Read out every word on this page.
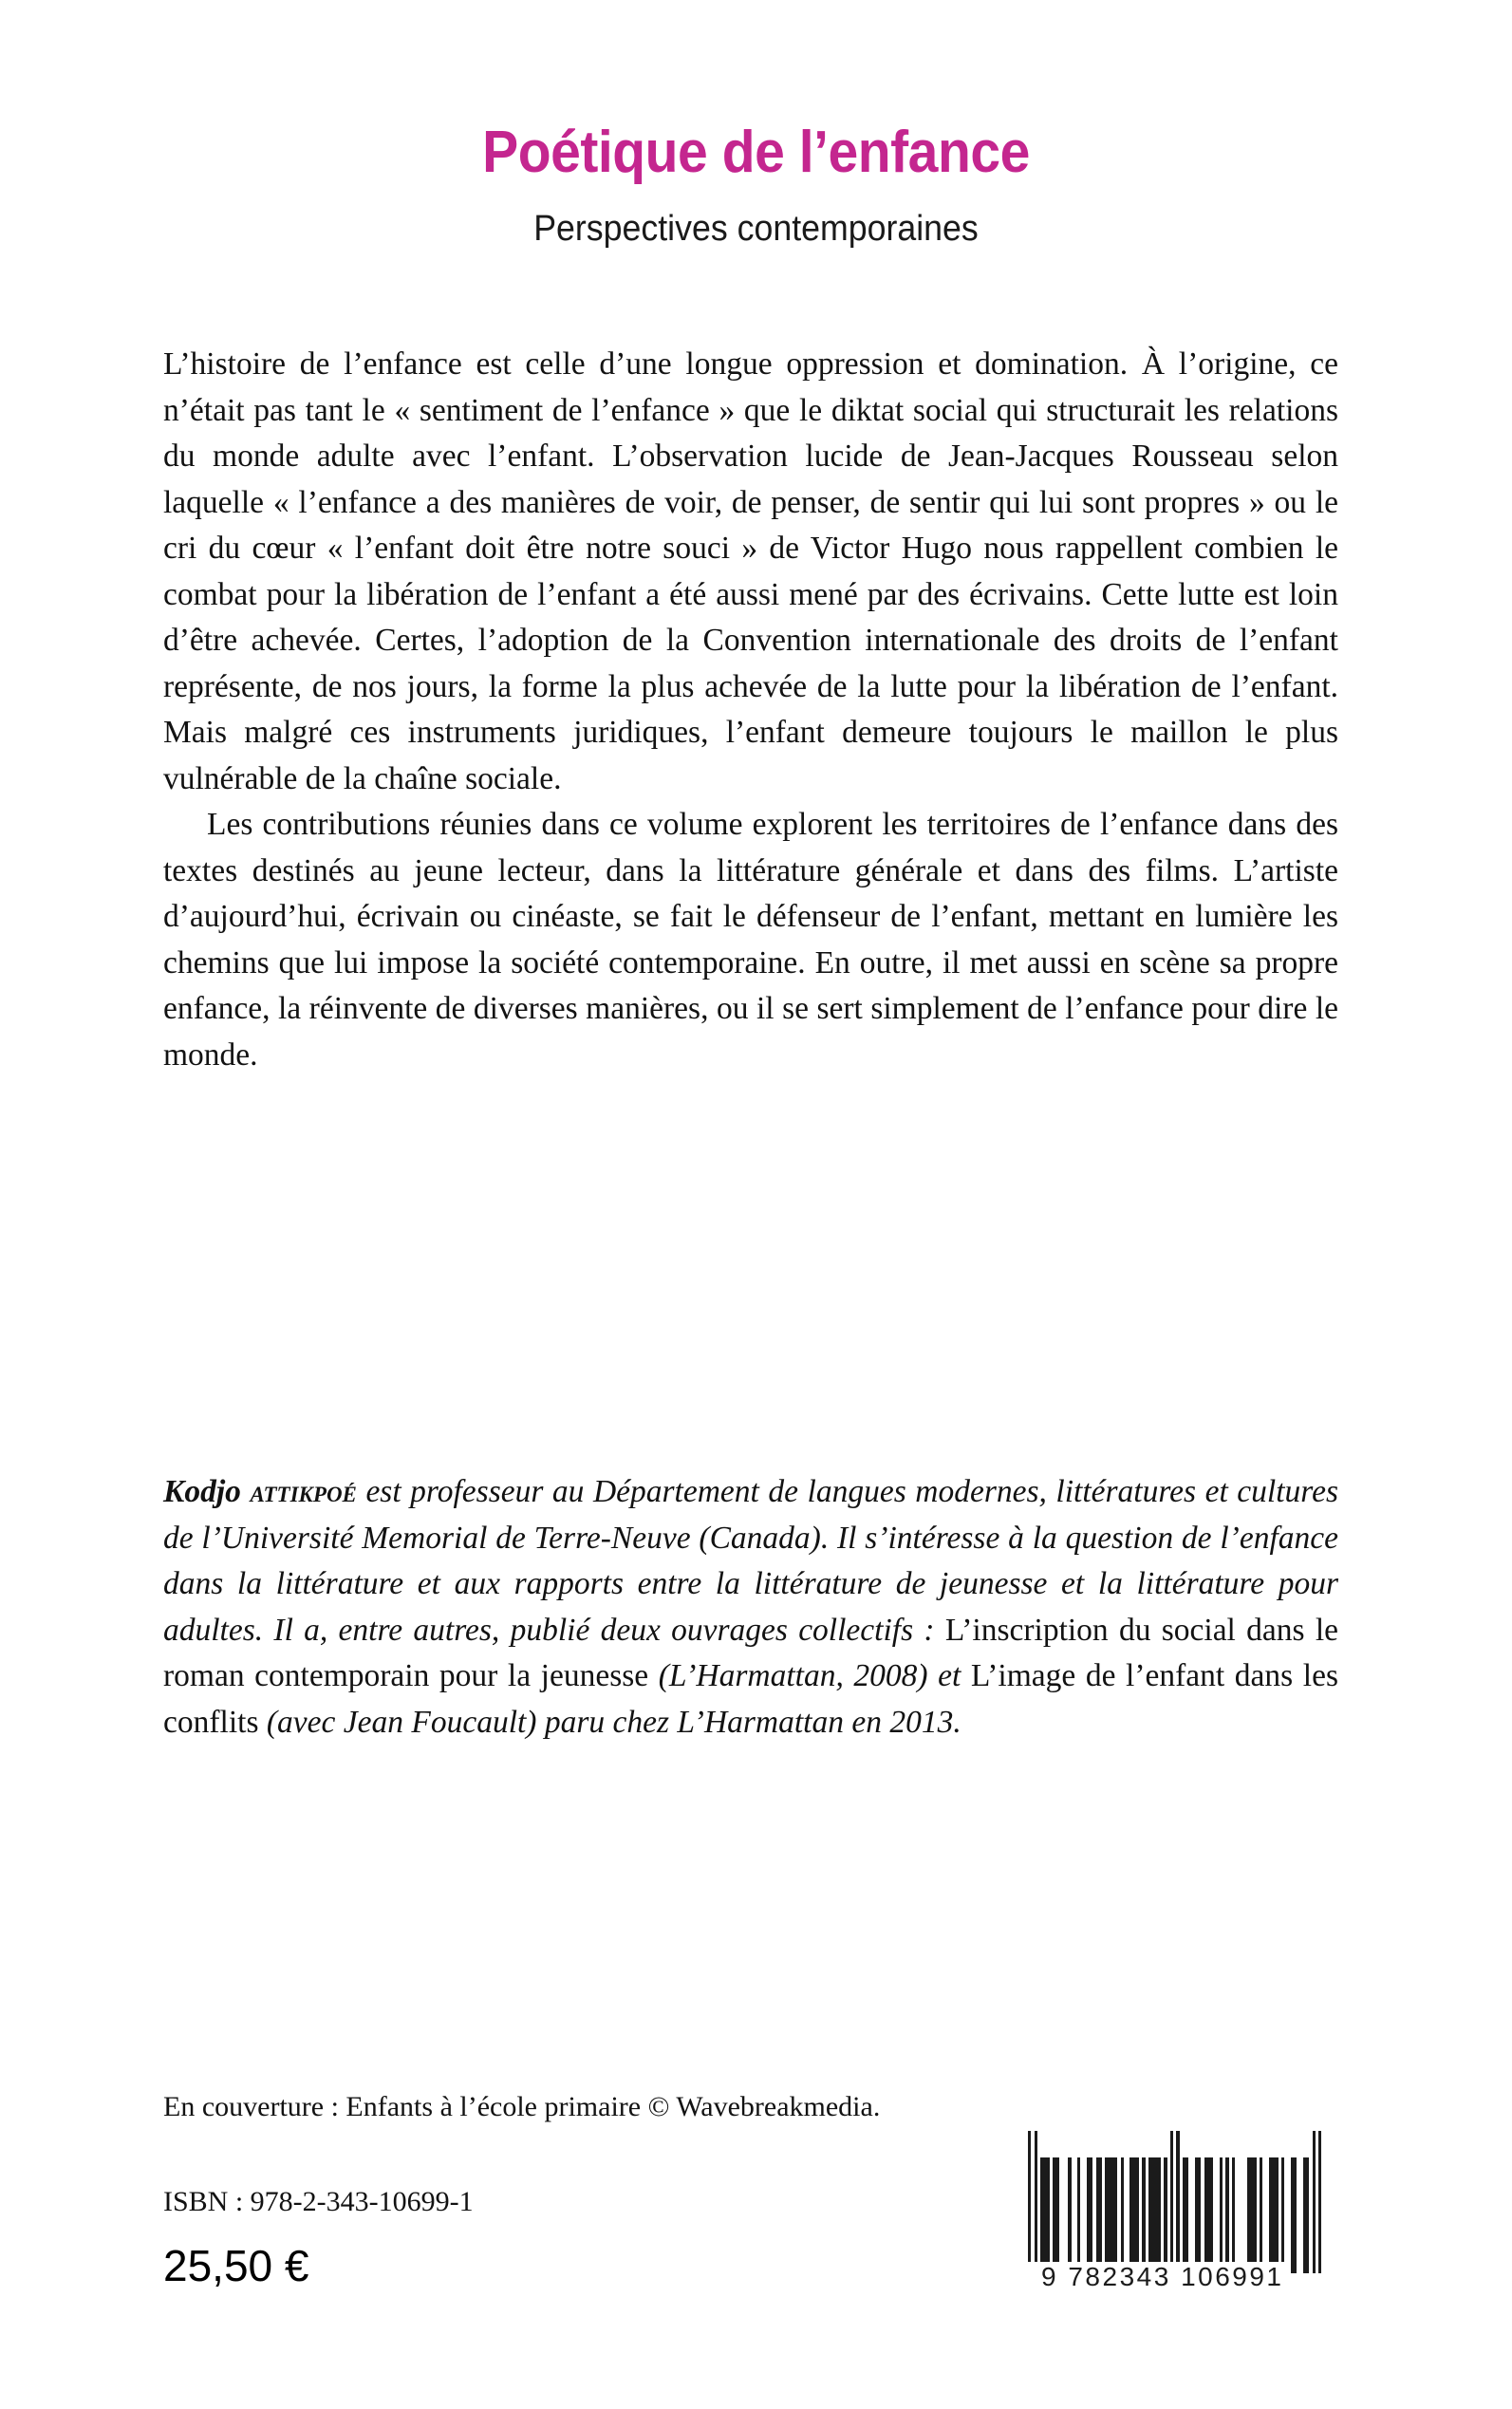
Poétique de l’enfance
Perspectives contemporaines

L’histoire de l’enfance est celle d’une longue oppression et domination. À l’origine, ce n’était pas tant le « sentiment de l’enfance » que le diktat social qui structurait les relations du monde adulte avec l’enfant. L’observation lucide de Jean-Jacques Rousseau selon laquelle « l’enfance a des manières de voir, de penser, de sentir qui lui sont propres » ou le cri du cœur « l’enfant doit être notre souci » de Victor Hugo nous rappellent combien le combat pour la libération de l’enfant a été aussi mené par des écrivains. Cette lutte est loin d’être achevée. Certes, l’adoption de la Convention internationale des droits de l’enfant représente, de nos jours, la forme la plus achevée de la lutte pour la libération de l’enfant. Mais malgré ces instruments juridiques, l’enfant demeure toujours le maillon le plus vulnérable de la chaîne sociale.

Les contributions réunies dans ce volume explorent les territoires de l’enfance dans des textes destinés au jeune lecteur, dans la littérature générale et dans des films. L’artiste d’aujourd’hui, écrivain ou cinéaste, se fait le défenseur de l’enfant, mettant en lumière les chemins que lui impose la société contemporaine. En outre, il met aussi en scène sa propre enfance, la réinvente de diverses manières, ou il se sert simplement de l’enfance pour dire le monde.

Kodjo attikpoé est professeur au Département de langues modernes, littératures et cultures de l’Université Memorial de Terre-Neuve (Canada). Il s’intéresse à la question de l’enfance dans la littérature et aux rapports entre la littérature de jeunesse et la littérature pour adultes. Il a, entre autres, publié deux ouvrages collectifs : L’inscription du social dans le roman contemporain pour la jeunesse (L’Harmattan, 2008) et L’image de l’enfant dans les conflits (avec Jean Foucault) paru chez L’Harmattan en 2013.

En couverture : Enfants à l’école primaire © Wavebreakmedia.
ISBN : 978-2-343-10699-1
25,50 €	9 782343 106991
